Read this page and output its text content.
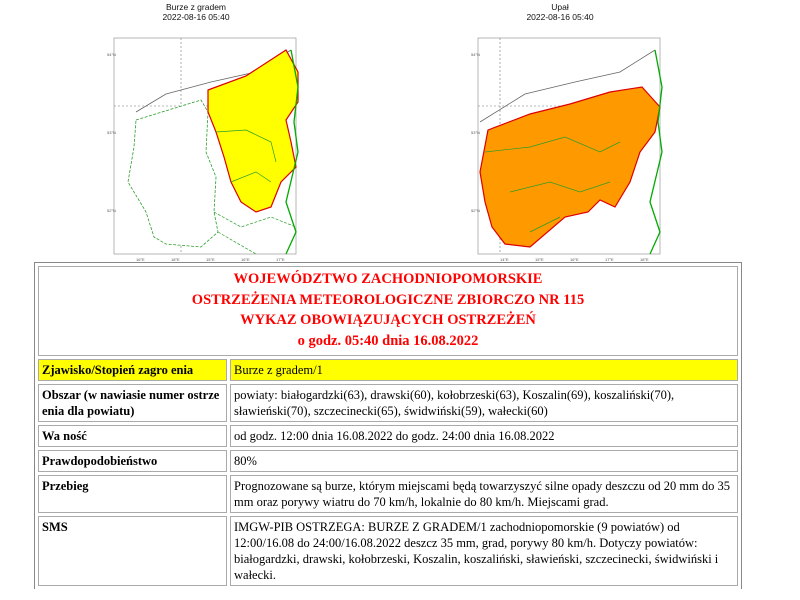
Burze z gradem
2022-08-16 05:40
16°E	18°E	15°E	16°E	17°E
54°N
53°N
52°N
Upał
2022-08-16 05:40
14°E	15°E	16°E	17°E	18°E
54°N
53°N
52°N
WOJEWÓDZTWO ZACHODNIOPOMORSKIE
OSTRZEŻENIA METEOROLOGICZNE ZBIORCZO NR 115
WYKAZ OBOWIĄZUJĄCYCH OSTRZEŻEŃ
o godz. 05:40 dnia 16.08.2022
Zjawisko/Stopień zagro enia	Burze z gradem/1
Obszar (w nawiasie numer ostrze enia dla powiatu)	powiaty: białogardzki(63), drawski(60), kołobrzeski(63), Koszalin(69), koszaliński(70), sławieński(70), szczecinecki(65), świdwiński(59), wałecki(60)
Wa ność	od godz. 12:00 dnia 16.08.2022 do godz. 24:00 dnia 16.08.2022
Prawdopodobieństwo	80%
Przebieg	Prognozowane są burze, którym miejscami będą towarzyszyć silne opady deszczu od 20 mm do 35 mm oraz porywy wiatru do 70 km/h, lokalnie do 80 km/h. Miejscami grad.
SMS	IMGW-PIB OSTRZEGA: BURZE Z GRADEM/1 zachodniopomorskie (9 powiatów) od 12:00/16.08 do 24:00/16.08.2022 deszcz 35 mm, grad, porywy 80 km/h. Dotyczy powiatów: białogardzki, drawski, kołobrzeski, Koszalin, koszaliński, sławieński, szczecinecki, świdwiński i wałecki.
